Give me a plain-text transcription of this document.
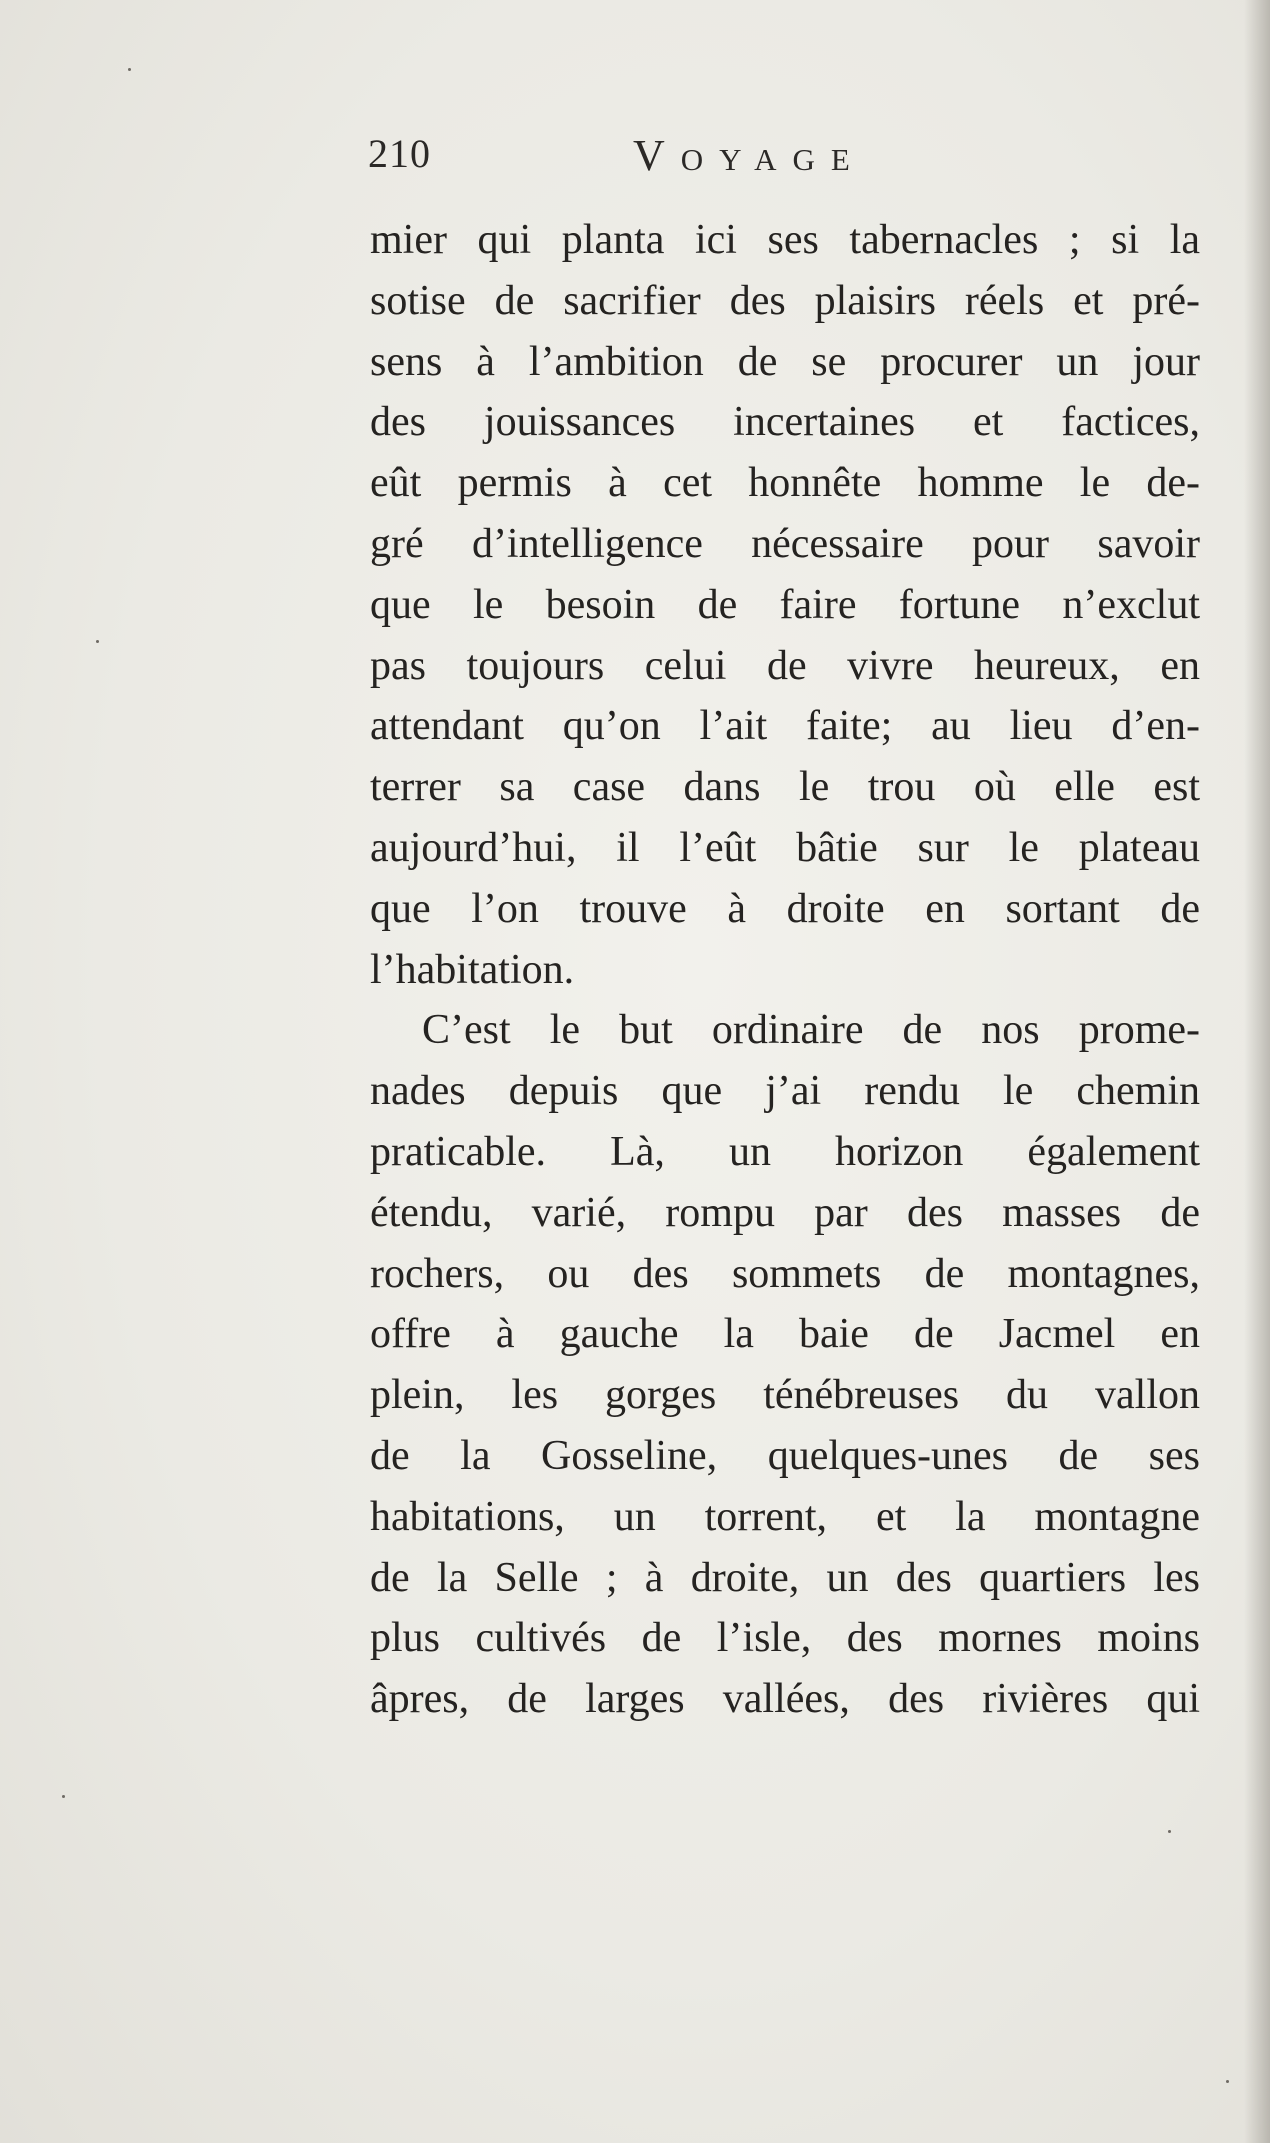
210	Voyage
mier qui planta ici ses tabernacles ; si la
sotise de sacrifier des plaisirs réels et pré-
sens à l’ambition de se procurer un jour
des jouissances incertaines et factices,
eût permis à cet honnête homme le de-
gré d’intelligence nécessaire pour savoir
que le besoin de faire fortune n’exclut
pas toujours celui de vivre heureux, en
attendant qu’on l’ait faite; au lieu d’en-
terrer sa case dans le trou où elle est
aujourd’hui, il l’eût bâtie sur le plateau
que l’on trouve à droite en sortant de
l’habitation.
C’est le but ordinaire de nos prome-
nades depuis que j’ai rendu le chemin
praticable. Là, un horizon également
étendu, varié, rompu par des masses de
rochers, ou des sommets de montagnes,
offre à gauche la baie de Jacmel en
plein, les gorges ténébreuses du vallon
de la Gosseline, quelques-unes de ses
habitations, un torrent, et la montagne
de la Selle ; à droite, un des quartiers les
plus cultivés de l’isle, des mornes moins
âpres, de larges vallées, des rivières qui
